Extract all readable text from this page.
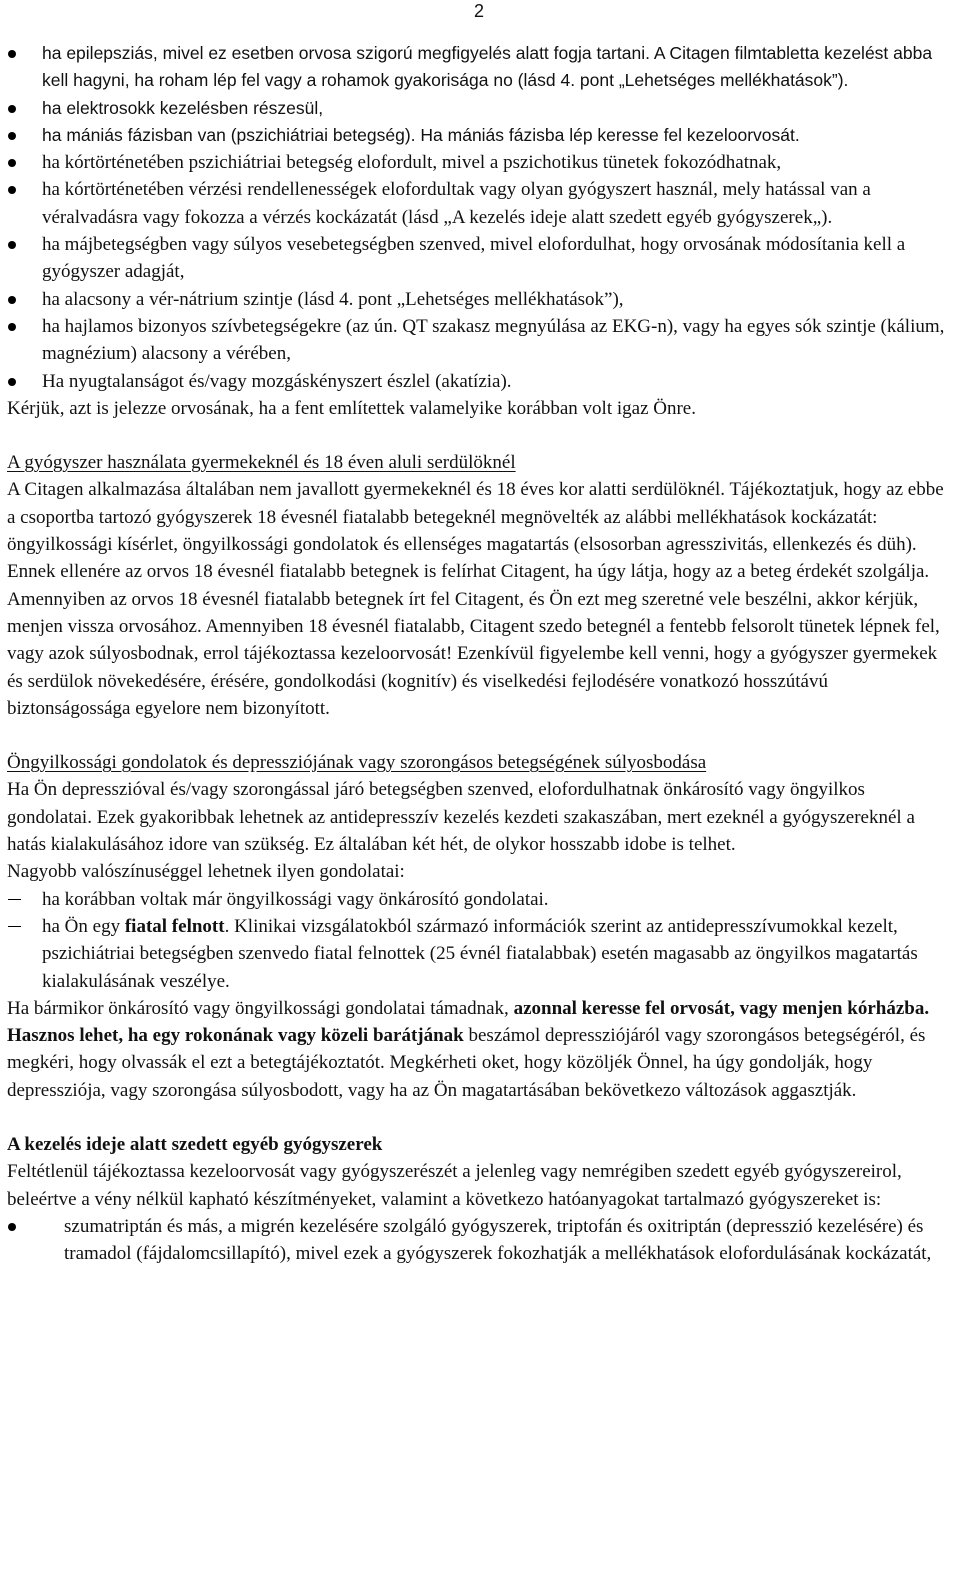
2
ha epilepsziás, mivel ez esetben orvosa szigorú megfigyelés alatt fogja tartani. A Citagen filmtabletta kezelést abba kell hagyni, ha roham lép fel vagy a rohamok gyakorisága no (lásd 4. pont „Lehetséges mellékhatások”).
ha elektrosokk kezelésben részesül,
ha mániás fázisban van (pszichiátriai betegség). Ha mániás fázisba lép keresse fel kezeloorvosát.
ha kórtörténetében pszichiátriai betegség elofordult, mivel a pszichotikus tünetek fokozódhatnak,
ha kórtörténetében vérzési rendellenességek elofordultak vagy olyan gyógyszert használ, mely hatással van a véralvadásra vagy fokozza a vérzés kockázatát (lásd „A kezelés ideje alatt szedett egyéb gyógyszerek„).
ha májbetegségben vagy súlyos vesebetegségben szenved, mivel elofordulhat, hogy orvosának módosítania kell a gyógyszer adagját,
ha alacsony a vér-nátrium szintje (lásd 4. pont „Lehetséges mellékhatások”),
ha hajlamos bizonyos szívbetegségekre (az ún. QT szakasz megnyúlása az EKG-n), vagy ha egyes sók szintje (kálium, magnézium) alacsony a vérében,
Ha nyugtalanságot és/vagy mozgáskényszert észlel (akatízia).

Kérjük, azt is jelezze orvosának, ha a fent említettek valamelyike korábban volt igaz Önre.

A gyógyszer használata gyermekeknél és 18 éven aluli serdülöknél

A Citagen alkalmazása általában nem javallott gyermekeknél és 18 éves kor alatti serdülöknél. Tájékoztatjuk, hogy az ebbe a csoportba tartozó gyógyszerek 18 évesnél fiatalabb betegeknél megnövelték az alábbi mellékhatások kockázatát: öngyilkossági kísérlet, öngyilkossági gondolatok és ellenséges magatartás (elsosorban agresszivitás, ellenkezés és düh). Ennek ellenére az orvos 18 évesnél fiatalabb betegnek is felírhat Citagent, ha úgy látja, hogy az a beteg érdekét szolgálja. Amennyiben az orvos 18 évesnél fiatalabb betegnek írt fel Citagent, és Ön ezt meg szeretné vele beszélni, akkor kérjük, menjen vissza orvosához. Amennyiben 18 évesnél fiatalabb, Citagent szedo betegnél a fentebb felsorolt tünetek lépnek fel, vagy azok súlyosbodnak, errol tájékoztassa kezeloorvosát! Ezenkívül figyelembe kell venni, hogy a gyógyszer gyermekek és serdülok növekedésére, érésére, gondolkodási (kognitív) és viselkedési fejlodésére vonatkozó hosszútávú biztonságossága egyelore nem bizonyított.

Öngyilkossági gondolatok és depressziójának vagy szorongásos betegségének súlyosbodása

Ha Ön depresszióval és/vagy szorongással járó betegségben szenved, elofordulhatnak önkárosító vagy öngyilkos gondolatai. Ezek gyakoribbak lehetnek az antidepresszív kezelés kezdeti szakaszában, mert ezeknél a gyógyszereknél a hatás kialakulásához idore van szükség. Ez általában két hét, de olykor hosszabb idobe is telhet.

Nagyobb valószínuséggel lehetnek ilyen gondolatai:

ha korábban voltak már öngyilkossági vagy önkárosító gondolatai.
ha Ön egy fiatal felnott. Klinikai vizsgálatokból származó információk szerint az antidepresszívumokkal kezelt, pszichiátriai betegségben szenvedo fiatal felnottek (25 évnél fiatalabbak) esetén magasabb az öngyilkos magatartás kialakulásának veszélye.

Ha bármikor önkárosító vagy öngyilkossági gondolatai támadnak, azonnal keresse fel orvosát, vagy menjen kórházba.

Hasznos lehet, ha egy rokonának vagy közeli barátjának beszámol depressziójáról vagy szorongásos betegségéról, és megkéri, hogy olvassák el ezt a betegtájékoztatót. Megkérheti oket, hogy közöljék Önnel, ha úgy gondolják, hogy depressziója, vagy szorongása súlyosbodott, vagy ha az Ön magatartásában bekövetkezo változások aggasztják.

A kezelés ideje alatt szedett egyéb gyógyszerek

Feltétlenül tájékoztassa kezeloorvosát vagy gyógyszerészét a jelenleg vagy nemrégiben szedett egyéb gyógyszereirol, beleértve a vény nélkül kapható készítményeket, valamint a következo hatóanyagokat tartalmazó gyógyszereket is:

szumatriptán és más, a migrén kezelésére szolgáló gyógyszerek, triptofán és oxitriptán (depresszió kezelésére) és tramadol (fájdalomcsillapító), mivel ezek a gyógyszerek fokozhatják a mellékhatások elofordulásának kockázatát,
